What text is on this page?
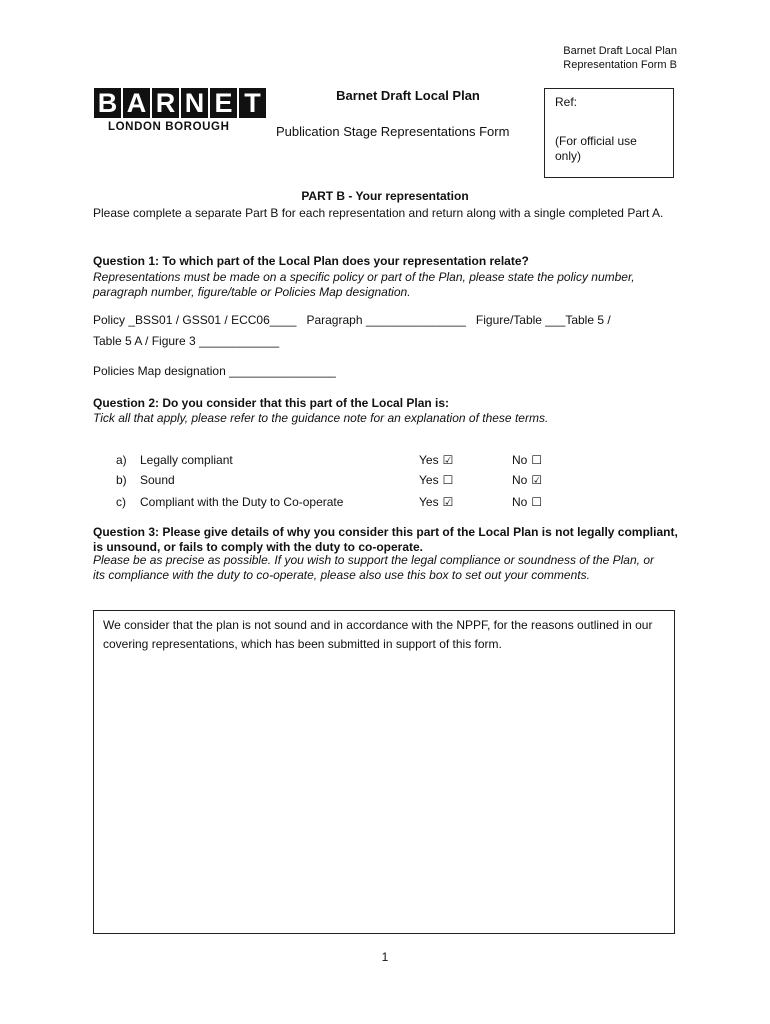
Barnet Draft Local Plan
Representation Form B
B A R N E T
LONDON BOROUGH
Barnet Draft Local Plan
Publication Stage Representations Form
Ref:
(For official use
only)
PART B - Your representation
Please complete a separate Part B for each representation and return along with a single completed Part A.
Question 1: To which part of the Local Plan does your representation relate?
Representations must be made on a specific policy or part of the Plan, please state the policy number, paragraph number, figure/table or Policies Map designation.
Policy _BSS01 / GSS01 / ECC06____   Paragraph _______________   Figure/Table ___Table 5 /
Table 5 A / Figure 3 ____________
Policies Map designation ________________
Question 2: Do you consider that this part of the Local Plan is:
Tick all that apply, please refer to the guidance note for an explanation of these terms.
a) Legally compliant	Yes ☑	No ☐
b) Sound	Yes ☐	No ☑
c) Compliant with the Duty to Co-operate	Yes ☑	No ☐
Question 3: Please give details of why you consider this part of the Local Plan is not legally compliant, is unsound, or fails to comply with the duty to co-operate.
Please be as precise as possible. If you wish to support the legal compliance or soundness of the Plan, or its compliance with the duty to co-operate, please also use this box to set out your comments.
We consider that the plan is not sound and in accordance with the NPPF, for the reasons outlined in our covering representations, which has been submitted in support of this form.
1
